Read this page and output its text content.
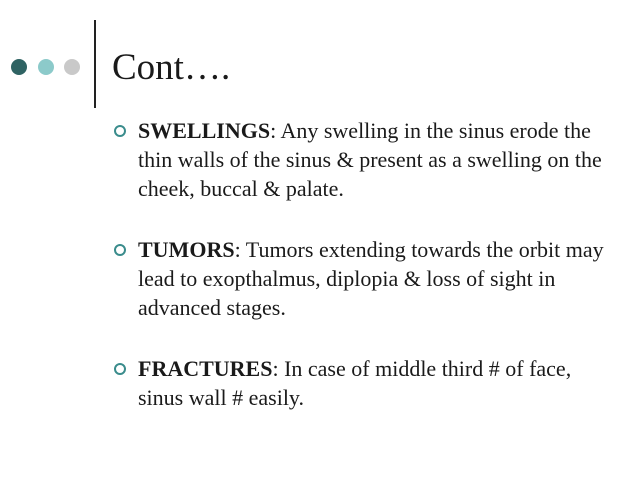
Cont….
SWELLINGS: Any swelling in the sinus erode the thin walls of the sinus & present as a swelling on the cheek, buccal & palate.
TUMORS: Tumors extending towards the orbit may lead to exopthalmus, diplopia & loss of sight in advanced stages.
FRACTURES: In case of middle third # of face, sinus wall # easily.
